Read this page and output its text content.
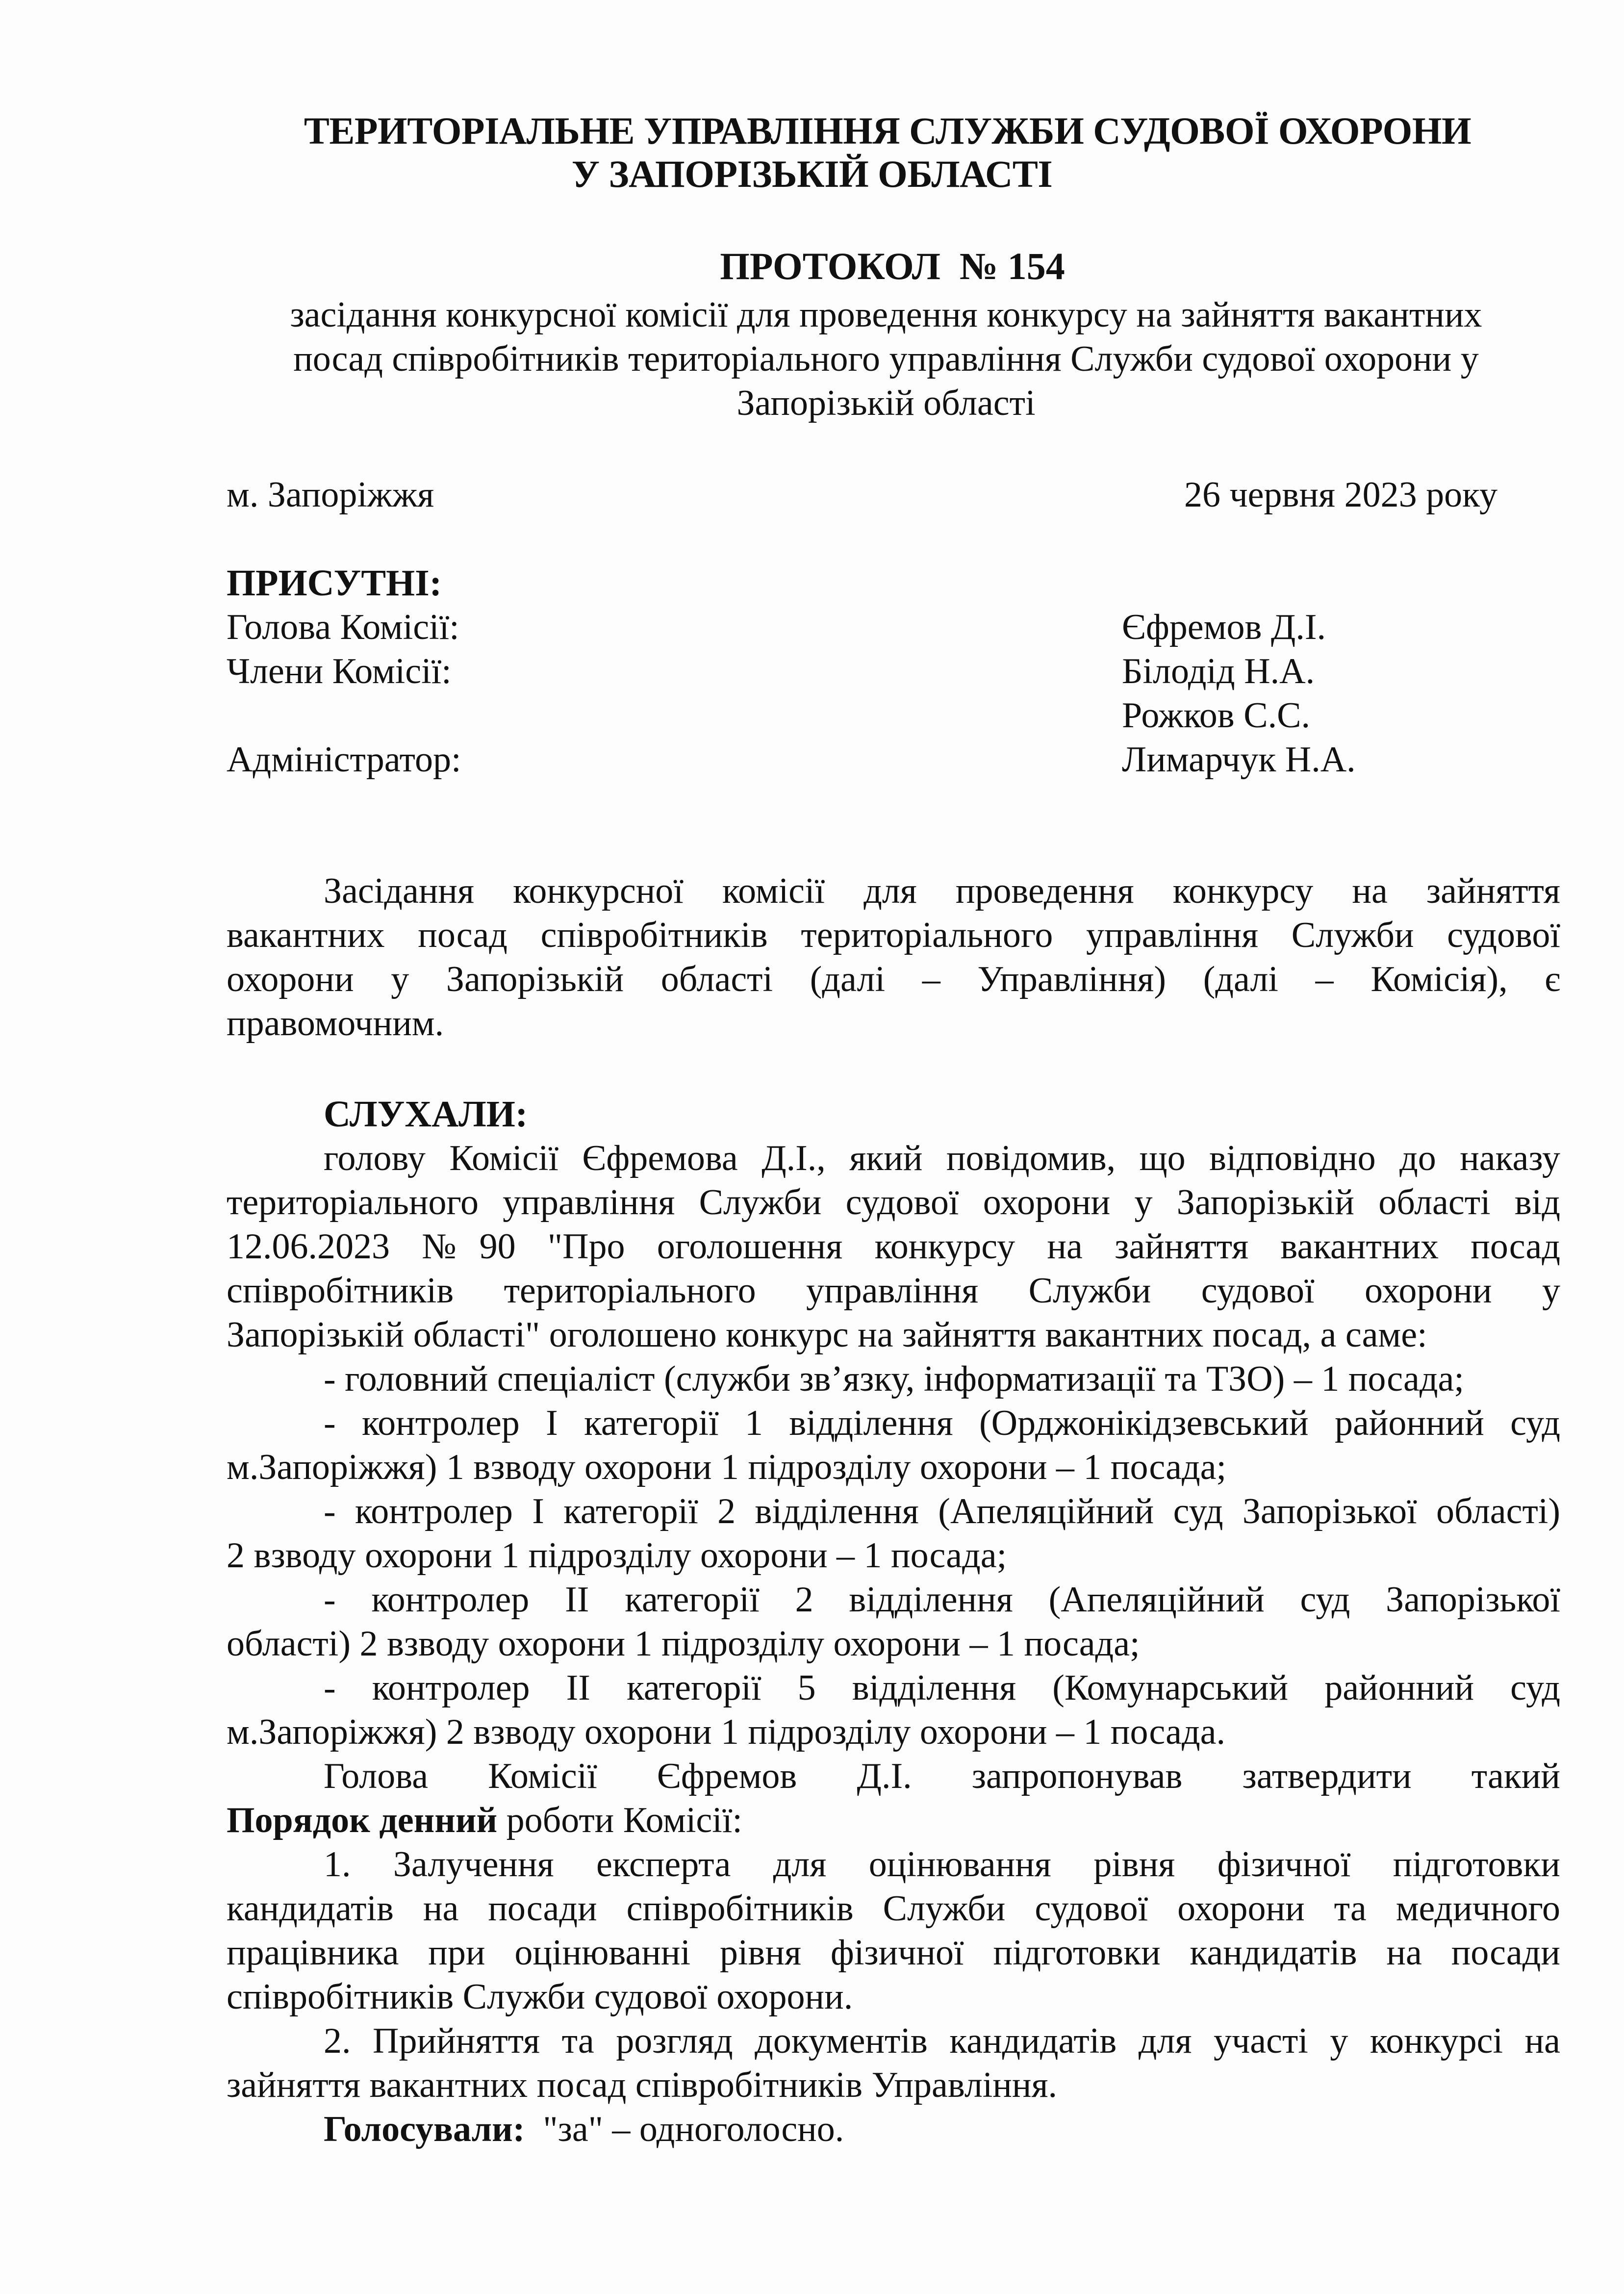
ТЕРИТОРІАЛЬНЕ УПРАВЛІННЯ СЛУЖБИ СУДОВОЇ ОХОРОНИ
У ЗАПОРІЗЬКІЙ ОБЛАСТІ
ПРОТОКОЛ  № 154
засідання конкурсної комісії для проведення конкурсу на зайняття вакантних
посад співробітників територіального управління Служби судової охорони у
Запорізькій області
м. Запоріжжя	26 червня 2023 року
ПРИСУТНІ:
Голова Комісії:	Єфремов Д.І.
Члени Комісії:	Білодід Н.А.
Рожков С.С.
Адміністратор:	Лимарчук Н.А.
Засідання конкурсної комісії для проведення конкурсу на зайняття
вакантних посад співробітників територіального управління Служби судової
охорони у Запорізькій області (далі – Управління) (далі – Комісія), є
правомочним.
СЛУХАЛИ:
голову Комісії Єфремова Д.І., який повідомив, що відповідно до наказу
територіального управління Служби судової охорони у Запорізькій області від
12.06.2023 №90 "Про оголошення конкурсу на зайняття вакантних посад
співробітників територіального управління Служби судової охорони у
Запорізькій області" оголошено конкурс на зайняття вакантних посад, а саме:
- головний спеціаліст (служби зв’язку, інформатизації та ТЗО) – 1 посада;
- контролер І категорії 1 відділення (Орджонікідзевський районний суд
м.Запоріжжя) 1 взводу охорони 1 підрозділу охорони – 1 посада;
- контролер І категорії 2 відділення (Апеляційний суд Запорізької області)
2 взводу охорони 1 підрозділу охорони – 1 посада;
- контролер ІІ категорії 2 відділення (Апеляційний суд Запорізької
області) 2 взводу охорони 1 підрозділу охорони – 1 посада;
- контролер ІІ категорії 5 відділення (Комунарський районний суд
м.Запоріжжя) 2 взводу охорони 1 підрозділу охорони – 1 посада.
Голова Комісії Єфремов Д.І. запропонував затвердити такий
Порядок денний роботи Комісії:
1. Залучення експерта для оцінювання рівня фізичної підготовки
кандидатів на посади співробітників Служби судової охорони та медичного
працівника при оцінюванні рівня фізичної підготовки кандидатів на посади
співробітників Служби судової охорони.
2. Прийняття та розгляд документів кандидатів для участі у конкурсі на
зайняття вакантних посад співробітників Управління.
Голосували:  "за" – одноголосно.
